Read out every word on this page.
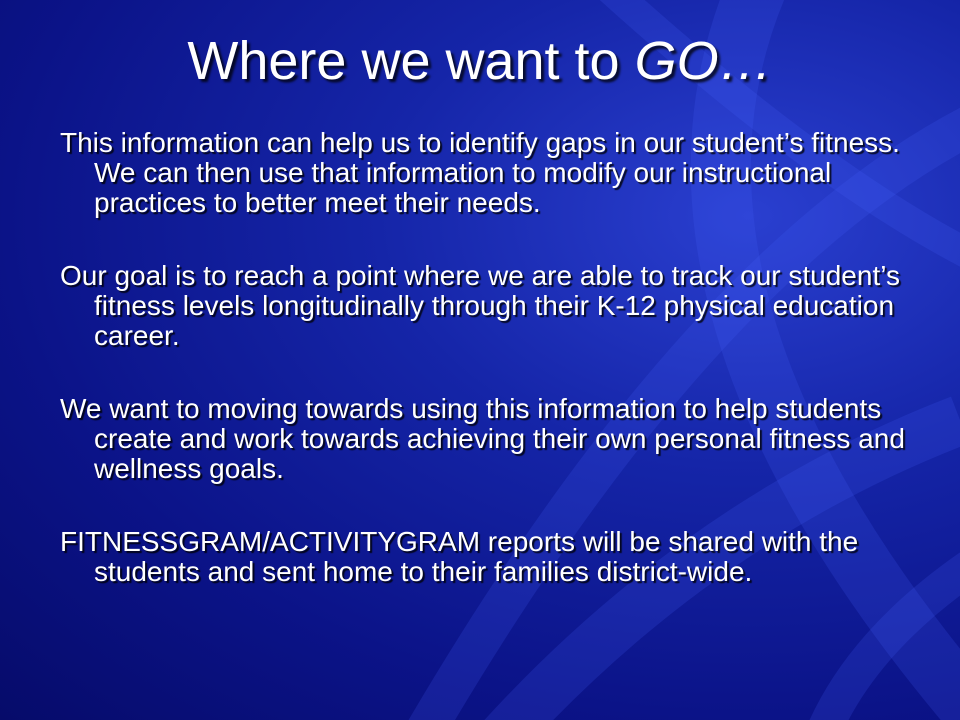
Where we want to GO…

This information can help us to identify gaps in our student’s fitness. We can then use that information to modify our instructional practices to better meet their needs.

Our goal is to reach a point where we are able to track our student’s fitness levels longitudinally through their K-12 physical education career.

We want to moving towards using this information to help students create and work towards achieving their own personal fitness and wellness goals.

FITNESSGRAM/ACTIVITYGRAM reports will be shared with the students and sent home to their families district-wide.
